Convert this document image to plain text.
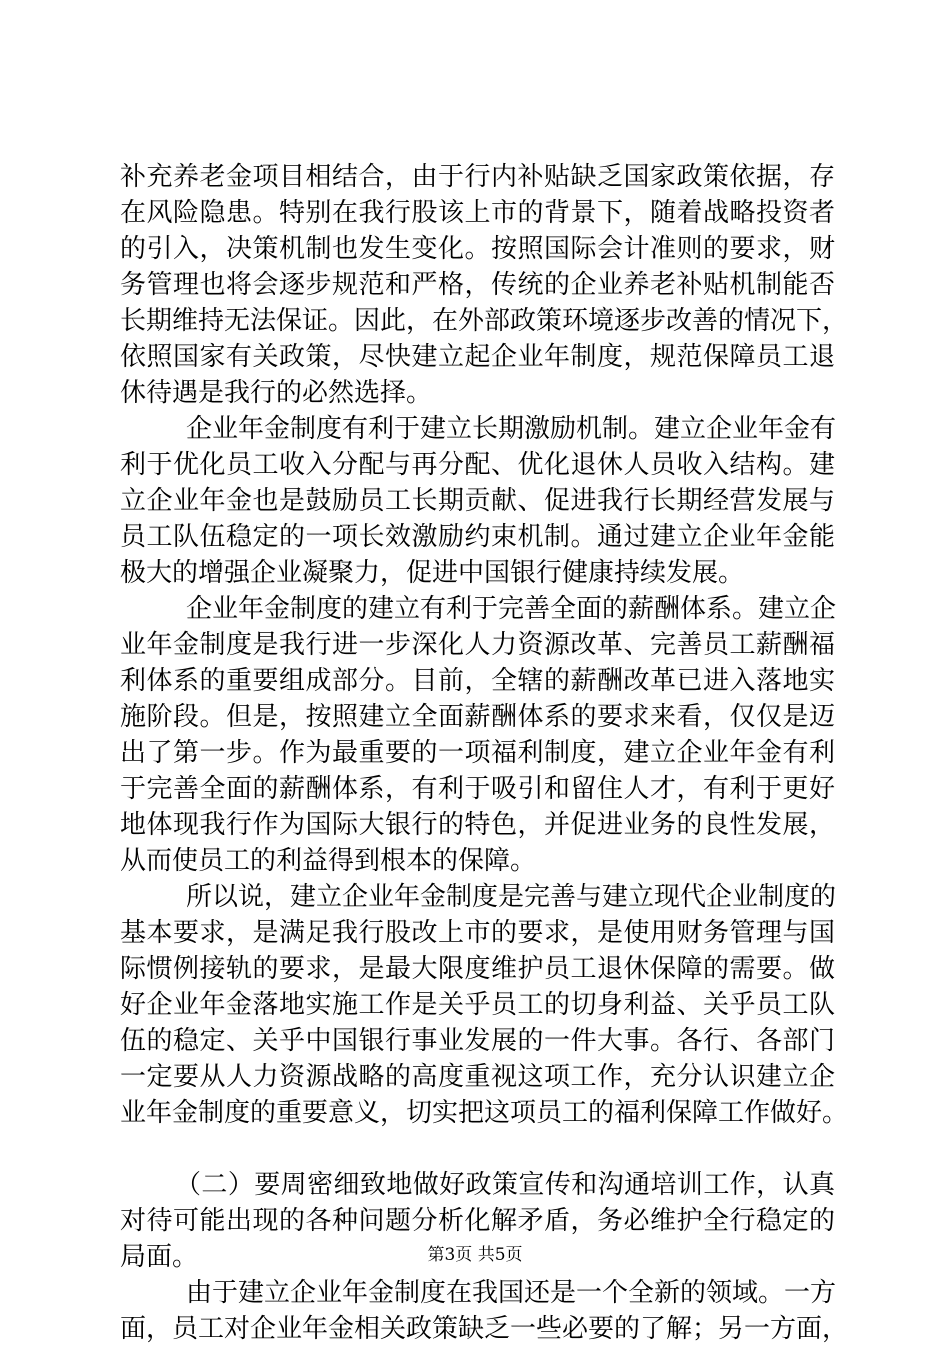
补充养老金项目相结合，由于行内补贴缺乏国家政策依据，存
在风险隐患。特别在我行股该上市的背景下，随着战略投资者
的引入，决策机制也发生变化。按照国际会计准则的要求，财
务管理也将会逐步规范和严格，传统的企业养老补贴机制能否
长期维持无法保证。因此，在外部政策环境逐步改善的情况下，
依照国家有关政策，尽快建立起企业年制度，规范保障员工退
休待遇是我行的必然选择。
企业年金制度有利于建立长期激励机制。建立企业年金有
利于优化员工收入分配与再分配、优化退休人员收入结构。建
立企业年金也是鼓励员工长期贡献、促进我行长期经营发展与
员工队伍稳定的一项长效激励约束机制。通过建立企业年金能
极大的增强企业凝聚力，促进中国银行健康持续发展。
企业年金制度的建立有利于完善全面的薪酬体系。建立企
业年金制度是我行进一步深化人力资源改革、完善员工薪酬福
利体系的重要组成部分。目前，全辖的薪酬改革已进入落地实
施阶段。但是，按照建立全面薪酬体系的要求来看，仅仅是迈
出了第一步。作为最重要的一项福利制度，建立企业年金有利
于完善全面的薪酬体系，有利于吸引和留住人才，有利于更好
地体现我行作为国际大银行的特色，并促进业务的良性发展，
从而使员工的利益得到根本的保障。
所以说，建立企业年金制度是完善与建立现代企业制度的
基本要求，是满足我行股改上市的要求，是使用财务管理与国
际惯例接轨的要求，是最大限度维护员工退休保障的需要。做
好企业年金落地实施工作是关乎员工的切身利益、关乎员工队
伍的稳定、关乎中国银行事业发展的一件大事。各行、各部门
一定要从人力资源战略的高度重视这项工作，充分认识建立企
业年金制度的重要意义，切实把这项员工的福利保障工作做好。
（二）要周密细致地做好政策宣传和沟通培训工作，认真
对待可能出现的各种问题分析化解矛盾，务必维护全行稳定的
局面。
由于建立企业年金制度在我国还是一个全新的领域。一方
面，员工对企业年金相关政策缺乏一些必要的了解；另一方面，
第3页 共5页
